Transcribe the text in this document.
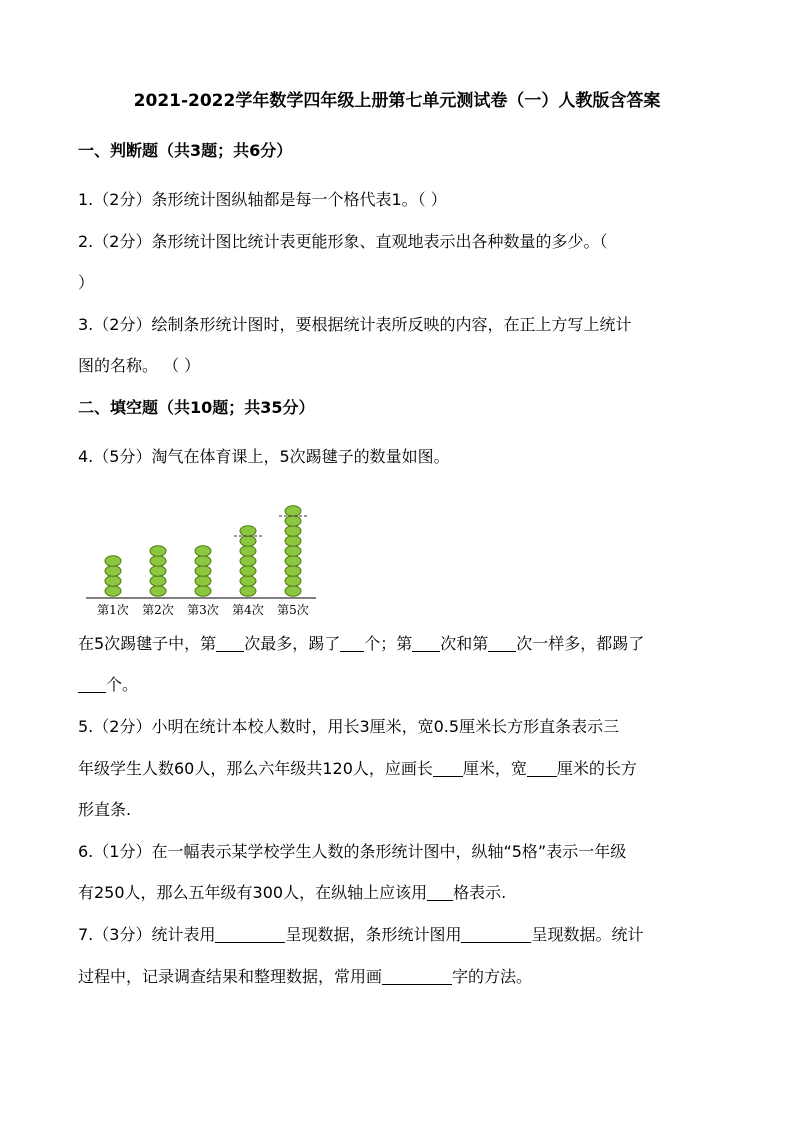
2021-2022学年数学四年级上册第七单元测试卷（一）人教版含答案
一、判断题（共3题；共6分）
1.（2分）条形统计图纵轴都是每一个格代表1。（ ）
2.（2分）条形统计图比统计表更能形象、直观地表示出各种数量的多少。（
）
3.（2分）绘制条形统计图时，要根据统计表所反映的内容，在正上方写上统计
图的名称。 （ ）
二、填空题（共10题；共35分）
4.（5分）淘气在体育课上，5次踢毽子的数量如图。
第1次 第2次 第3次 第4次 第5次
在5次踢毽子中，第 次最多，踢了 个；第 次和第 次一样多，都踢了
个。
5.（2分）小明在统计本校人数时，用长3厘米，宽0.5厘米长方形直条表示三
年级学生人数60人，那么六年级共120人，应画长 厘米，宽 厘米的长方
形直条.
6.（1分）在一幅表示某学校学生人数的条形统计图中，纵轴“5格”表示一年级
有250人，那么五年级有300人，在纵轴上应该用 格表示.
7.（3分）统计表用	呈现数据，条形统计图用	呈现数据。统计
过程中，记录调查结果和整理数据，常用画	字的方法。
